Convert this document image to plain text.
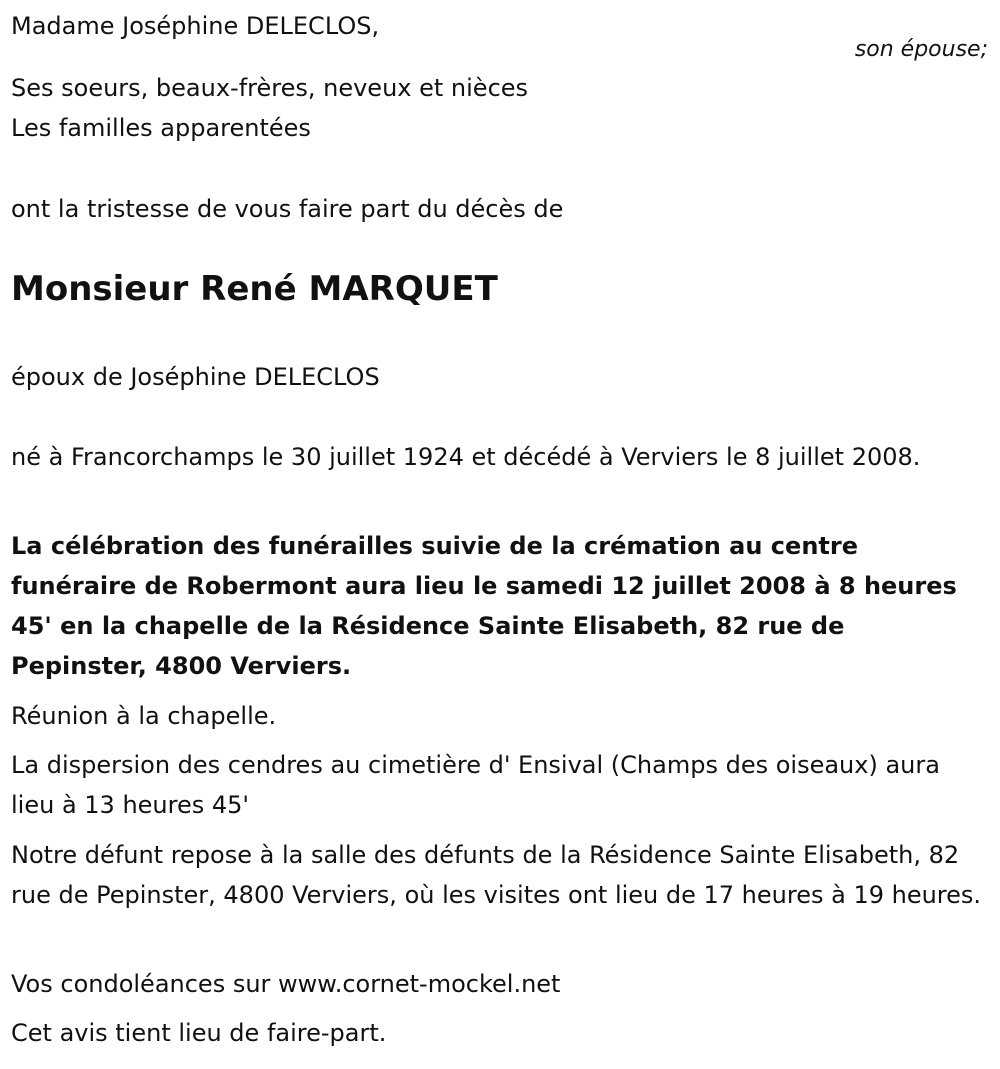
son épouse;

Madame Joséphine DELECLOS,

Ses soeurs, beaux-frères, neveux et nièces

Les familles apparentées

ont la tristesse de vous faire part du décès de

Monsieur René MARQUET

époux de Joséphine DELECLOS

né à Francorchamps le 30 juillet 1924 et décédé à Verviers le 8 juillet 2008.

La célébration des funérailles suivie de la crémation au centre funéraire de Robermont aura lieu le samedi 12 juillet 2008 à 8 heures 45' en la chapelle de la Résidence Sainte Elisabeth, 82 rue de Pepinster, 4800 Verviers.

Réunion à la chapelle.

La dispersion des cendres au cimetière d' Ensival (Champs des oiseaux) aura lieu à 13 heures 45'

Notre défunt repose à la salle des défunts de la Résidence Sainte Elisabeth, 82 rue de Pepinster, 4800 Verviers, où les visites ont lieu de 17 heures à 19 heures.

Vos condoléances sur www.cornet-mockel.net

Cet avis tient lieu de faire-part.
